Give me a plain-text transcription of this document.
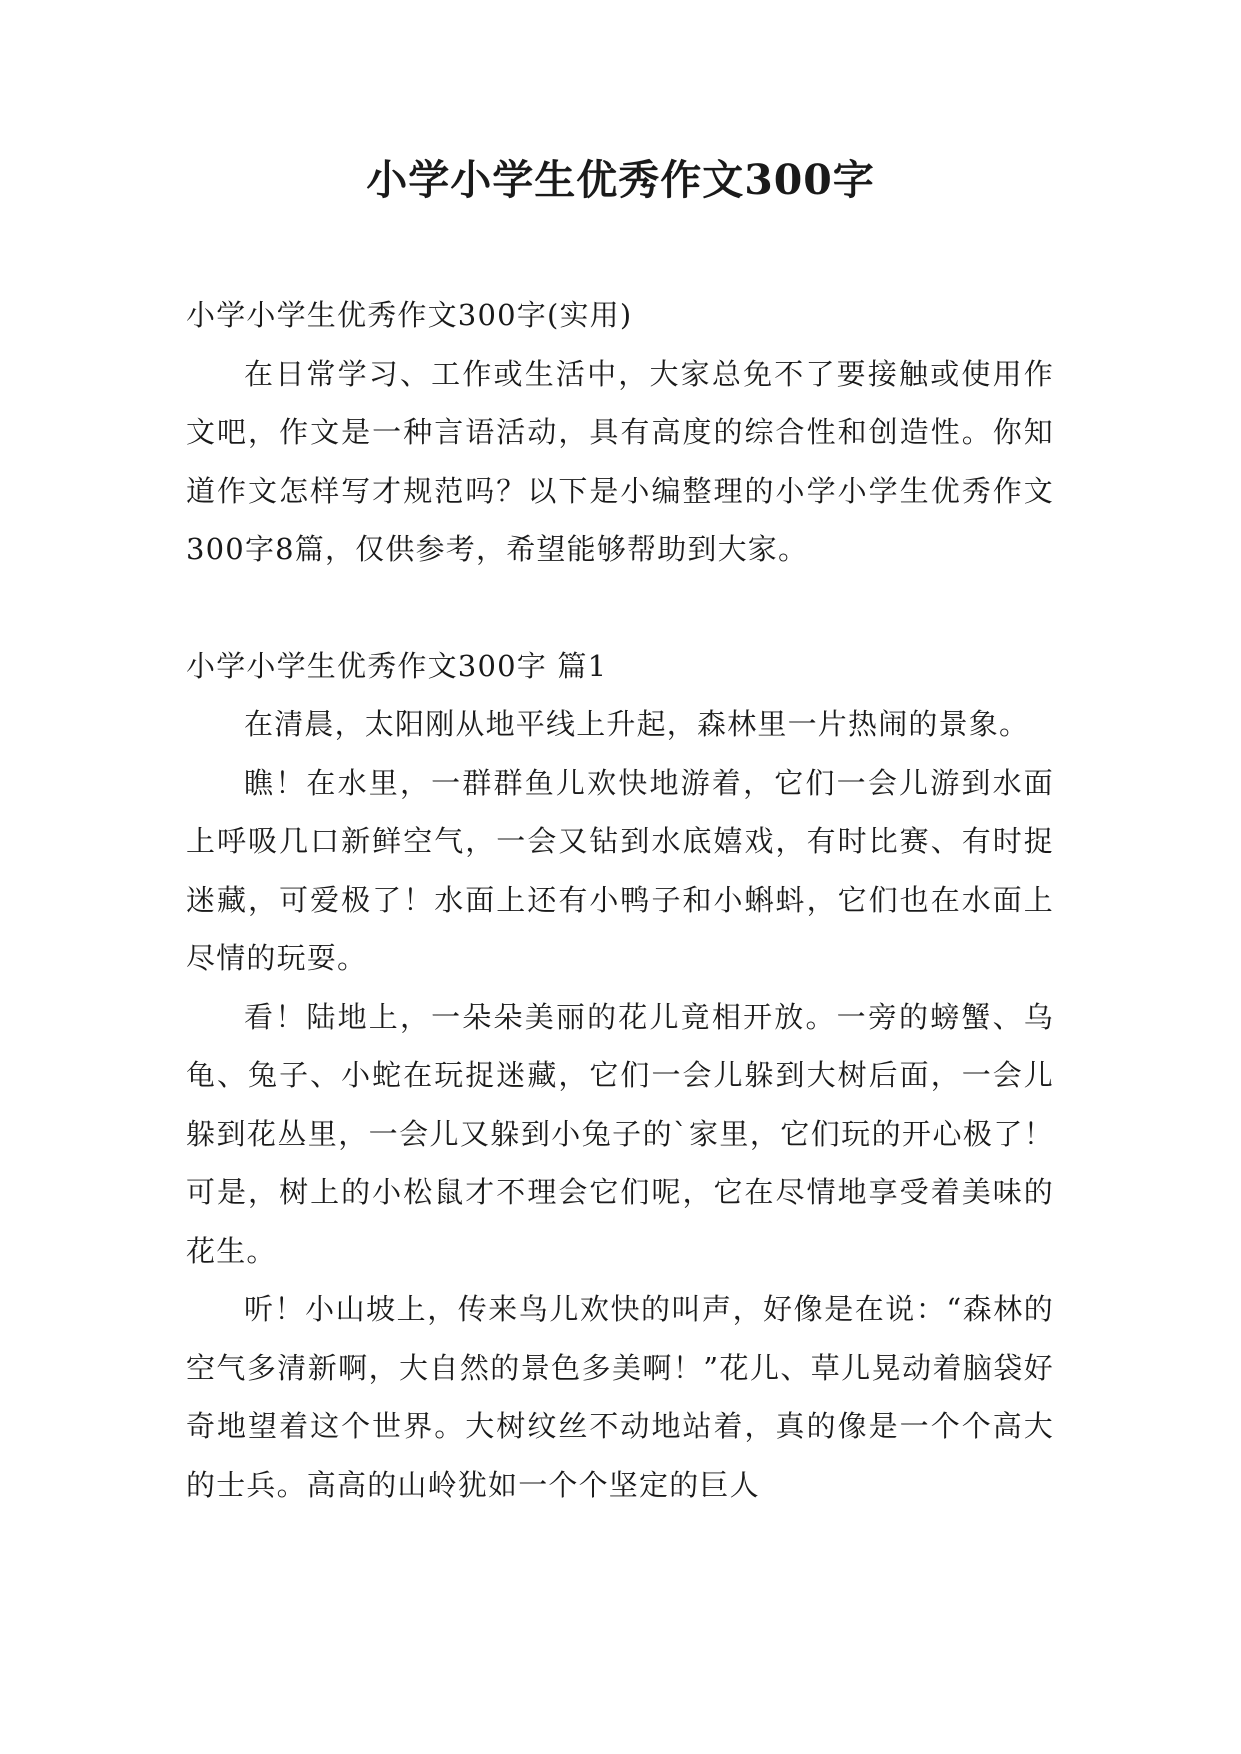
小学小学生优秀作文300字

小学小学生优秀作文300字(实用)

在日常学习、工作或生活中，大家总免不了要接触或使用作文吧，作文是一种言语活动，具有高度的综合性和创造性。你知道作文怎样写才规范吗？以下是小编整理的小学小学生优秀作文300字8篇，仅供参考，希望能够帮助到大家。

小学小学生优秀作文300字 篇1

在清晨，太阳刚从地平线上升起，森林里一片热闹的景象。

瞧！在水里，一群群鱼儿欢快地游着，它们一会儿游到水面上呼吸几口新鲜空气，一会又钻到水底嬉戏，有时比赛、有时捉迷藏，可爱极了！水面上还有小鸭子和小蝌蚪，它们也在水面上尽情的玩耍。

看！陆地上，一朵朵美丽的花儿竟相开放。一旁的螃蟹、乌龟、兔子、小蛇在玩捉迷藏，它们一会儿躲到大树后面，一会儿躲到花丛里，一会儿又躲到小兔子的`家里，它们玩的开心极了！可是，树上的小松鼠才不理会它们呢，它在尽情地享受着美味的花生。

听！小山坡上，传来鸟儿欢快的叫声，好像是在说：“森林的空气多清新啊，大自然的景色多美啊！”花儿、草儿晃动着脑袋好奇地望着这个世界。大树纹丝不动地站着，真的像是一个个高大的士兵。高高的山岭犹如一个个坚定的巨人
